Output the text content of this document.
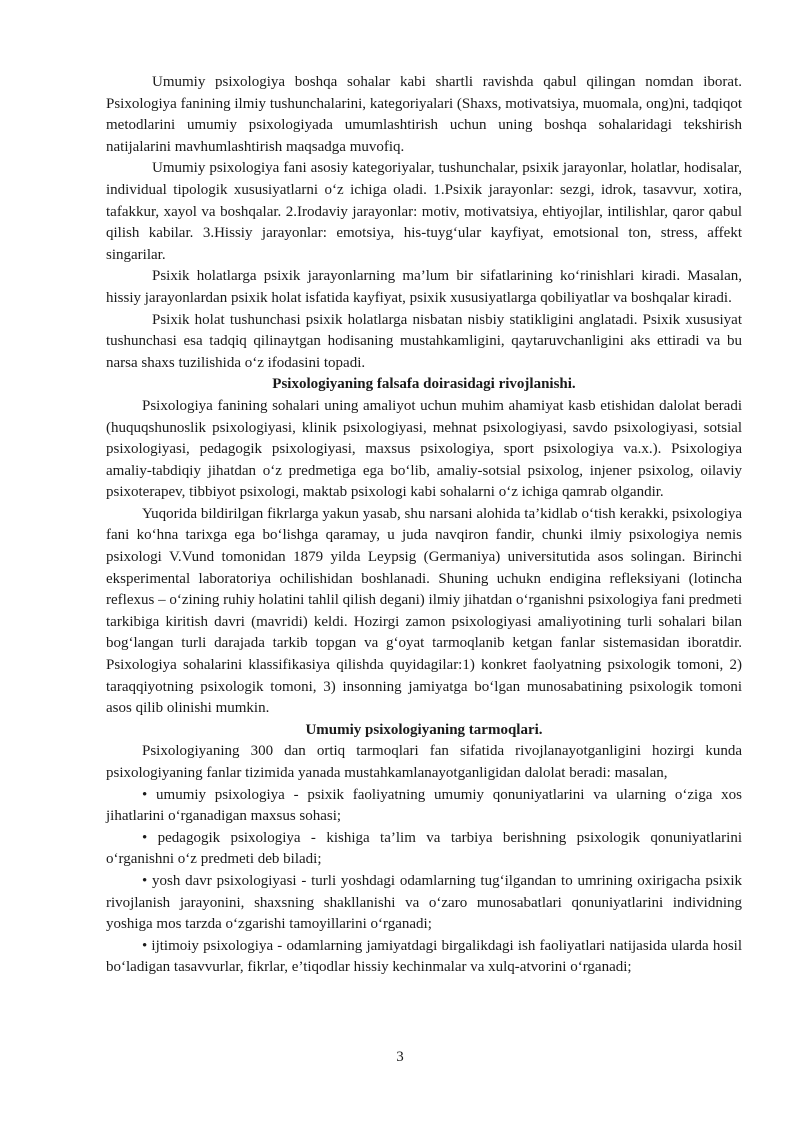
Umumiy psixologiya boshqa sohalar kabi shartli ravishda qabul qilingan nomdan iborat. Psixologiya fanining ilmiy tushunchalarini, kategoriyalari (Shaxs, motivatsiya, muomala, ong)ni, tadqiqot metodlarini umumiy psixologiyada umumlashtirish uchun uning boshqa sohalaridagi tekshirish natijalarini mavhumlashtirish maqsadga muvofiq.

Umumiy psixologiya fani asosiy kategoriyalar, tushunchalar, psixik jarayonlar, holatlar, hodisalar, individual tipologik xususiyatlarni o‘z ichiga oladi. 1.Psixik jarayonlar: sezgi, idrok, tasavvur, xotira, tafakkur, xayol va boshqalar. 2.Irodaviy jarayonlar: motiv, motivatsiya, ehtiyojlar, intilishlar, qaror qabul qilish kabilar. 3.Hissiy jarayonlar: emotsiya, his-tuyg‘ular kayfiyat, emotsional ton, stress, affekt singarilar.

Psixik holatlarga psixik jarayonlarning ma’lum bir sifatlarining ko‘rinishlari kiradi. Masalan, hissiy jarayonlardan psixik holat isfatida kayfiyat, psixik xususiyatlarga qobiliyatlar va boshqalar kiradi.

Psixik holat tushunchasi psixik holatlarga nisbatan nisbiy statikligini anglatadi. Psixik xususiyat tushunchasi esa tadqiq qilinaytgan hodisaning mustahkamligini, qaytaruvchanligini aks ettiradi va bu narsa shaxs tuzilishida o‘z ifodasini topadi.

Psixologiyaning falsafa doirasidagi rivojlanishi.

Psixologiya fanining sohalari uning amaliyot uchun muhim ahamiyat kasb etishidan dalolat beradi (huquqshunoslik psixologiyasi, klinik psixologiyasi, mehnat psixologiyasi, savdo psixologiyasi, sotsial psixologiyasi, pedagogik psixologiyasi, maxsus psixologiya, sport psixologiya va.x.). Psixologiya amaliy-tabdiqiy jihatdan o‘z predmetiga ega bo‘lib, amaliy-sotsial psixolog, injener psixolog, oilaviy psixoterapev, tibbiyot psixologi, maktab psixologi kabi sohalarni o‘z ichiga qamrab olgandir.

Yuqorida bildirilgan fikrlarga yakun yasab, shu narsani alohida ta’kidlab o‘tish kerakki, psixologiya fani ko‘hna tarixga ega bo‘lishga qaramay, u juda navqiron fandir, chunki ilmiy psixologiya nemis psixologi V.Vund tomonidan 1879 yilda Leypsig (Germaniya) universitutida asos solingan. Birinchi eksperimental laboratoriya ochilishidan boshlanadi. Shuning uchukn endigina refleksiyani (lotincha reflexus – o‘zining ruhiy holatini tahlil qilish degani) ilmiy jihatdan o‘rganishni psixologiya fani predmeti tarkibiga kiritish davri (mavridi) keldi. Hozirgi zamon psixologiyasi amaliyotining turli sohalari bilan bog‘langan turli darajada tarkib topgan va g‘oyat tarmoqlanib ketgan fanlar sistemasidan iboratdir. Psixologiya sohalarini klassifikasiya qilishda quyidagilar:1) konkret faolyatning psixologik tomoni, 2) taraqqiyotning psixologik tomoni, 3) insonning jamiyatga bo‘lgan munosabatining psixologik tomoni asos qilib olinishi mumkin.

Umumiy psixologiyaning tarmoqlari.

Psixologiyaning 300 dan ortiq tarmoqlari fan sifatida rivojlanayotganligini hozirgi kunda psixologiyaning fanlar tizimida yanada mustahkamlanayotganligidan dalolat beradi: masalan,

• umumiy psixologiya - psixik faoliyatning umumiy qonuniyatlarini va ularning o‘ziga xos jihatlarini o‘rganadigan maxsus sohasi;

• pedagogik psixologiya - kishiga ta’lim va tarbiya berishning psixologik qonuniyatlarini o‘rganishni o‘z predmeti deb biladi;

• yosh davr psixologiyasi - turli yoshdagi odamlarning tug‘ilgandan to umrining oxirigacha psixik rivojlanish jarayonini, shaxsning shakllanishi va o‘zaro munosabatlari qonuniyatlarini individning yoshiga mos tarzda o‘zgarishi tamoyillarini o‘rganadi;

• ijtimoiy psixologiya - odamlarning jamiyatdagi birgalikdagi ish faoliyatlari natijasida ularda hosil bo‘ladigan tasavvurlar, fikrlar, e’tiqodlar hissiy kechinmalar va xulq-atvorini o‘rganadi;

3
